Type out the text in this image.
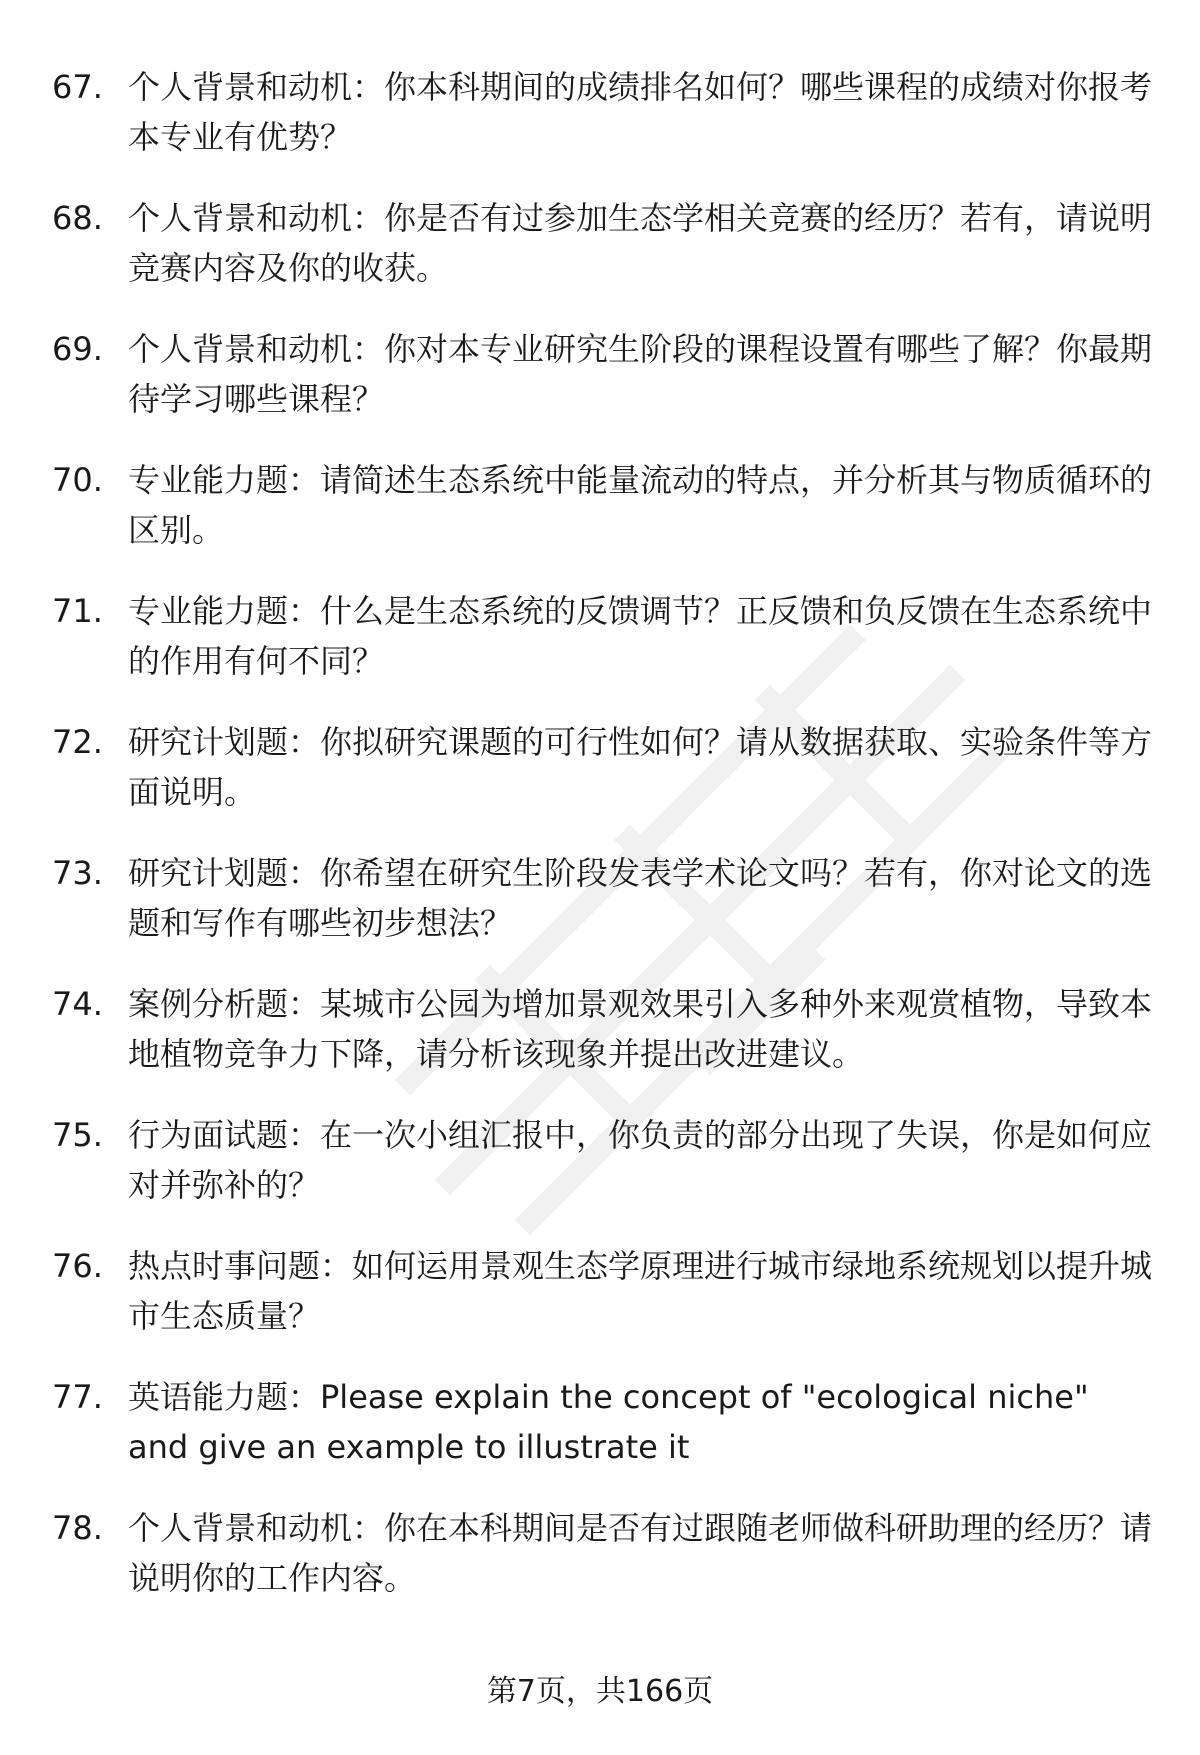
67. 个人背景和动机：你本科期间的成绩排名如何？哪些课程的成绩对你报考本专业有优势？
68. 个人背景和动机：你是否有过参加生态学相关竞赛的经历？若有，请说明竞赛内容及你的收获。
69. 个人背景和动机：你对本专业研究生阶段的课程设置有哪些了解？你最期待学习哪些课程？
70. 专业能力题：请简述生态系统中能量流动的特点，并分析其与物质循环的区别。
71. 专业能力题：什么是生态系统的反馈调节？正反馈和负反馈在生态系统中的作用有何不同？
72. 研究计划题：你拟研究课题的可行性如何？请从数据获取、实验条件等方面说明。
73. 研究计划题：你希望在研究生阶段发表学术论文吗？若有，你对论文的选题和写作有哪些初步想法？
74. 案例分析题：某城市公园为增加景观效果引入多种外来观赏植物，导致本地植物竞争力下降，请分析该现象并提出改进建议。
75. 行为面试题：在一次小组汇报中，你负责的部分出现了失误，你是如何应对并弥补的？
76. 热点时事问题：如何运用景观生态学原理进行城市绿地系统规划以提升城市生态质量？
77. 英语能力题：Please explain the concept of "ecological niche" and give an example to illustrate it
78. 个人背景和动机：你在本科期间是否有过跟随老师做科研助理的经历？请说明你的工作内容。
第7页，共166页
